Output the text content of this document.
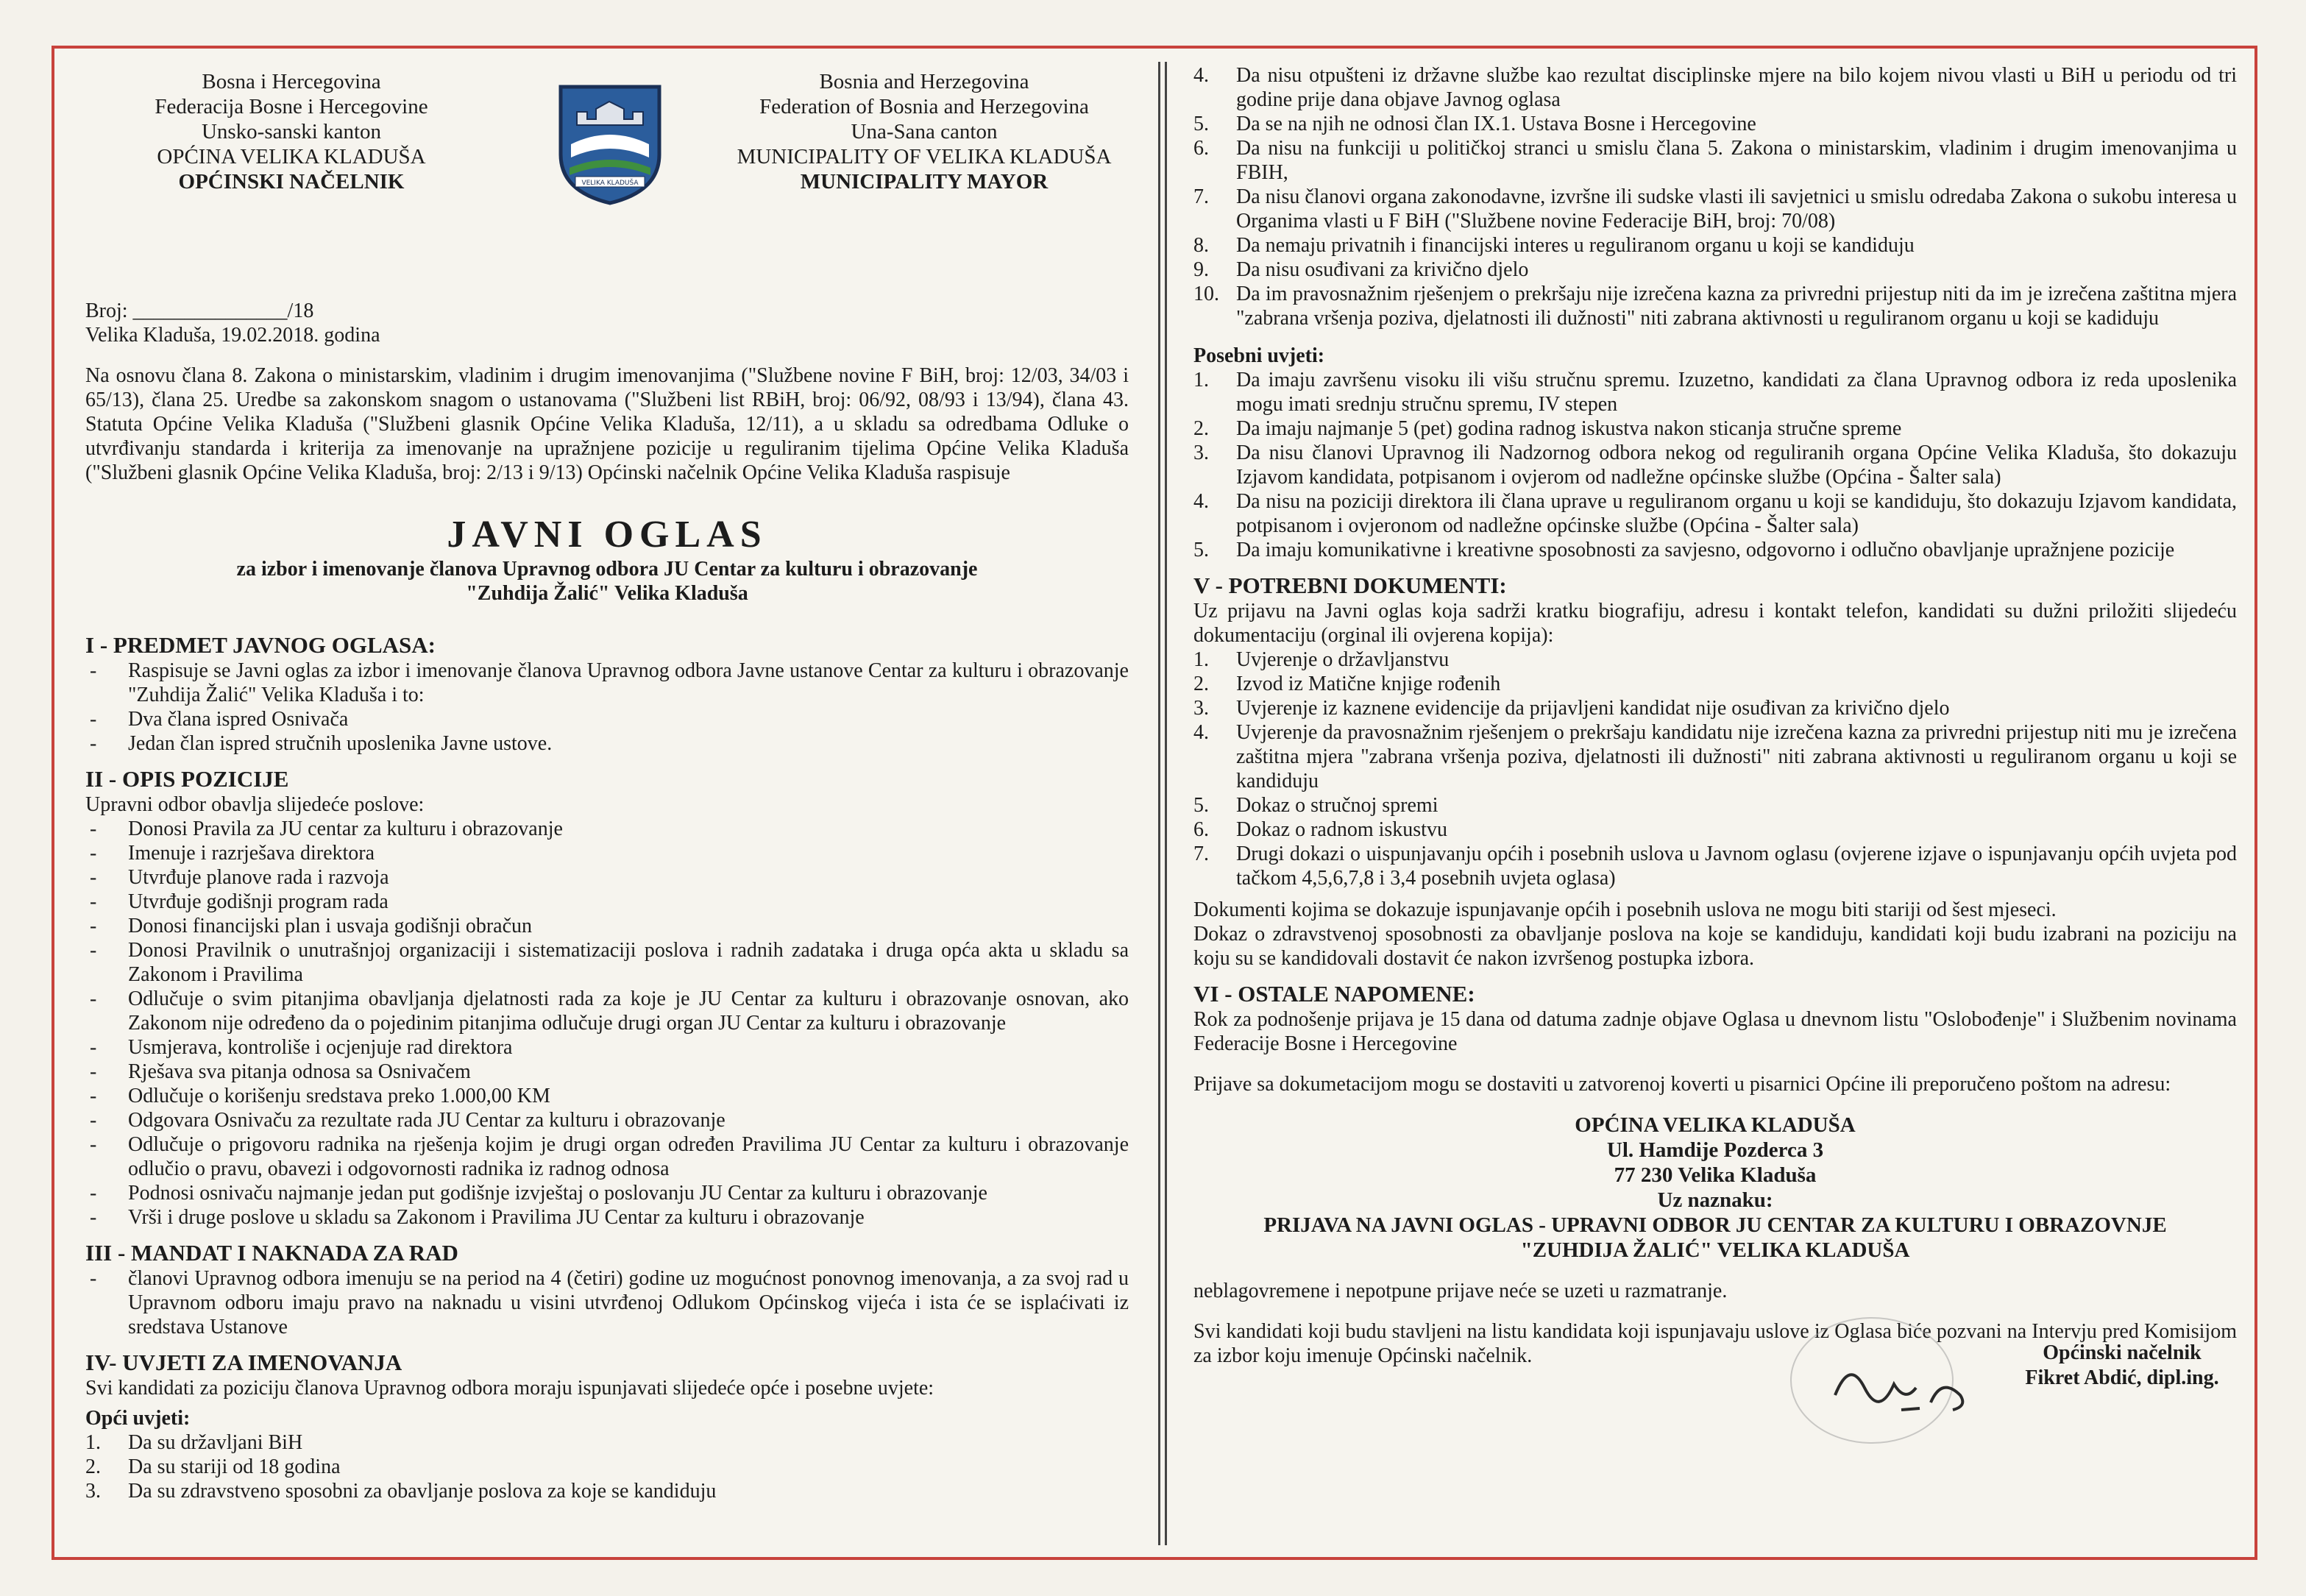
Bosna i Hercegovina
Federacija Bosne i Hercegovine
Unsko-sanski kanton
OPĆINA VELIKA KLADUŠA
OPĆINSKI NAČELNIK	VELIKA KLADUŠA
Bosnia and Herzegovina
Federation of Bosnia and Herzegovina
Una-Sana canton
MUNICIPALITY OF VELIKA KLADUŠA
MUNICIPALITY MAYOR
Broj: _______________/18
Velika Kladuša, 19.02.2018. godina

Na osnovu člana 8. Zakona o ministarskim, vladinim i drugim imenovanjima ("Službene novine F BiH, broj: 12/03, 34/03 i 65/13), člana 25. Uredbe sa zakonskom snagom o ustanovama ("Službeni list RBiH, broj: 06/92, 08/93 i 13/94), člana 43. Statuta Općine Velika Kladuša ("Službeni glasnik Općine Velika Kladuša, 12/11), a u skladu sa odredbama Odluke o utvrđivanju standarda i kriterija za imenovanje na upražnjene pozicije u reguliranim tijelima Općine Velika Kladuša ("Službeni glasnik Općine Velika Kladuša, broj: 2/13 i 9/13) Općinski načelnik Općine Velika Kladuša raspisuje

JAVNI OGLAS
za izbor i imenovanje članova Upravnog odbora JU Centar za kulturu i obrazovanje
"Zuhdija Žalić" Velika Kladuša
I - PREDMET JAVNOG OGLASA:
- Raspisuje se Javni oglas za izbor i imenovanje članova Upravnog odbora Javne ustanove Centar za kulturu i obrazovanje "Zuhdija Žalić" Velika Kladuša i to:
- Dva člana ispred Osnivača
- Jedan član ispred stručnih uposlenika Javne ustove.
II - OPIS POZICIJE
Upravni odbor obavlja slijedeće poslove:
- Donosi Pravila za JU centar za kulturu i obrazovanje
- Imenuje i razrješava direktora
- Utvrđuje planove rada i razvoja
- Utvrđuje godišnji program rada
- Donosi financijski plan i usvaja godišnji obračun
- Donosi Pravilnik o unutrašnjoj organizaciji i sistematizaciji poslova i radnih zadataka i druga opća akta u skladu sa Zakonom i Pravilima
- Odlučuje o svim pitanjima obavljanja djelatnosti rada za koje je JU Centar za kulturu i obrazovanje osnovan, ako Zakonom nije određeno da o pojedinim pitanjima odlučuje drugi organ JU Centar za kulturu i obrazovanje
- Usmjerava, kontroliše i ocjenjuje rad direktora
- Rješava sva pitanja odnosa sa Osnivačem
- Odlučuje o korišenju sredstava preko 1.000,00 KM
- Odgovara Osnivaču za rezultate rada JU Centar za kulturu i obrazovanje
- Odlučuje o prigovoru radnika na rješenja kojim je drugi organ određen Pravilima JU Centar za kulturu i obrazovanje odlučio o pravu, obavezi i odgovornosti radnika iz radnog odnosa
- Podnosi osnivaču najmanje jedan put godišnje izvještaj o poslovanju JU Centar za kulturu i obrazovanje
- Vrši i druge poslove u skladu sa Zakonom i Pravilima JU Centar za kulturu i obrazovanje
III - MANDAT I NAKNADA ZA RAD
- članovi Upravnog odbora imenuju se na period na 4 (četiri) godine uz mogućnost ponovnog imenovanja, a za svoj rad u Upravnom odboru imaju pravo na naknadu u visini utvrđenoj Odlukom Općinskog vijeća i ista će se isplaćivati iz sredstava Ustanove
IV- UVJETI ZA IMENOVANJA
Svi kandidati za poziciju članova Upravnog odbora moraju ispunjavati slijedeće opće i posebne uvjete:
Opći uvjeti:
1. Da su državljani BiH
2. Da su stariji od 18 godina
3. Da su zdravstveno sposobni za obavljanje poslova za koje se kandiduju
4. Da nisu otpušteni iz državne službe kao rezultat disciplinske mjere na bilo kojem nivou vlasti u BiH u periodu od tri godine prije dana objave Javnog oglasa
5. Da se na njih ne odnosi član IX.1. Ustava Bosne i Hercegovine
6. Da nisu na funkciji u političkoj stranci u smislu člana 5. Zakona o ministarskim, vladinim i drugim imenovanjima u FBIH,
7. Da nisu članovi organa zakonodavne, izvršne ili sudske vlasti ili savjetnici u smislu odredaba Zakona o sukobu interesa u Organima vlasti u F BiH ("Službene novine Federacije BiH, broj: 70/08)
8. Da nemaju privatnih i financijski interes u reguliranom organu u koji se kandiduju
9. Da nisu osuđivani za krivično djelo
10. Da im pravosnažnim rješenjem o prekršaju nije izrečena kazna za privredni prijestup niti da im je izrečena zaštitna mjera "zabrana vršenja poziva, djelatnosti ili dužnosti" niti zabrana aktivnosti u reguliranom organu u koji se kadiduju
Posebni uvjeti:
1. Da imaju završenu visoku ili višu stručnu spremu. Izuzetno, kandidati za člana Upravnog odbora iz reda uposlenika mogu imati srednju stručnu spremu, IV stepen
2. Da imaju najmanje 5 (pet) godina radnog iskustva nakon sticanja stručne spreme
3. Da nisu članovi Upravnog ili Nadzornog odbora nekog od reguliranih organa Općine Velika Kladuša, što dokazuju Izjavom kandidata, potpisanom i ovjerom od nadležne općinske službe (Općina - Šalter sala)
4. Da nisu na poziciji direktora ili člana uprave u reguliranom organu u koji se kandiduju, što dokazuju Izjavom kandidata, potpisanom i ovjeronom od nadležne općinske službe (Općina - Šalter sala)
5. Da imaju komunikativne i kreativne sposobnosti za savjesno, odgovorno i odlučno obavljanje upražnjene pozicije
V - POTREBNI DOKUMENTI:

Uz prijavu na Javni oglas koja sadrži kratku biografiju, adresu i kontakt telefon, kandidati su dužni priložiti slijedeću dokumentaciju (orginal ili ovjerena kopija):

1. Uvjerenje o državljanstvu
2. Izvod iz Matične knjige rođenih
3. Uvjerenje iz kaznene evidencije da prijavljeni kandidat nije osuđivan za krivično djelo
4. Uvjerenje da pravosnažnim rješenjem o prekršaju kandidatu nije izrečena kazna za privredni prijestup niti mu je izrečena zaštitna mjera "zabrana vršenja poziva, djelatnosti ili dužnosti" niti zabrana aktivnosti u reguliranom organu u koji se kandiduju
5. Dokaz o stručnoj spremi
6. Dokaz o radnom iskustvu
7. Drugi dokazi o uispunjavanju općih i posebnih uslova u Javnom oglasu (ovjerene izjave o ispunjavanju općih uvjeta pod tačkom 4,5,6,7,8 i 3,4 posebnih uvjeta oglasa)

Dokumenti kojima se dokazuje ispunjavanje općih i posebnih uslova ne mogu biti stariji od šest mjeseci.

Dokaz o zdravstvenoj sposobnosti za obavljanje poslova na koje se kandiduju, kandidati koji budu izabrani na poziciju na koju su se kandidovali dostavit će nakon izvršenog postupka izbora.

VI - OSTALE NAPOMENE:

Rok za podnošenje prijava je 15 dana od datuma zadnje objave Oglasa u dnevnom listu "Oslobođenje" i Službenim novinama Federacije Bosne i Hercegovine

Prijave sa dokumetacijom mogu se dostaviti u zatvorenoj koverti u pisarnici Općine ili preporučeno poštom na adresu:

OPĆINA VELIKA KLADUŠA
Ul. Hamdije Pozderca 3
77 230 Velika Kladuša
Uz naznaku:
PRIJAVA NA JAVNI OGLAS - UPRAVNI ODBOR JU CENTAR ZA KULTURU I OBRAZOVNJE
"ZUHDIJA ŽALIĆ" VELIKA KLADUŠA

neblagovremene i nepotpune prijave neće se uzeti u razmatranje.

Svi kandidati koji budu stavljeni na listu kandidata koji ispunjavaju uslove iz Oglasa biće pozvani na Intervju pred Komisijom za izbor koju imenuje Općinski načelnik.	Općinski načelnik
Fikret Abdić, dipl.ing.
